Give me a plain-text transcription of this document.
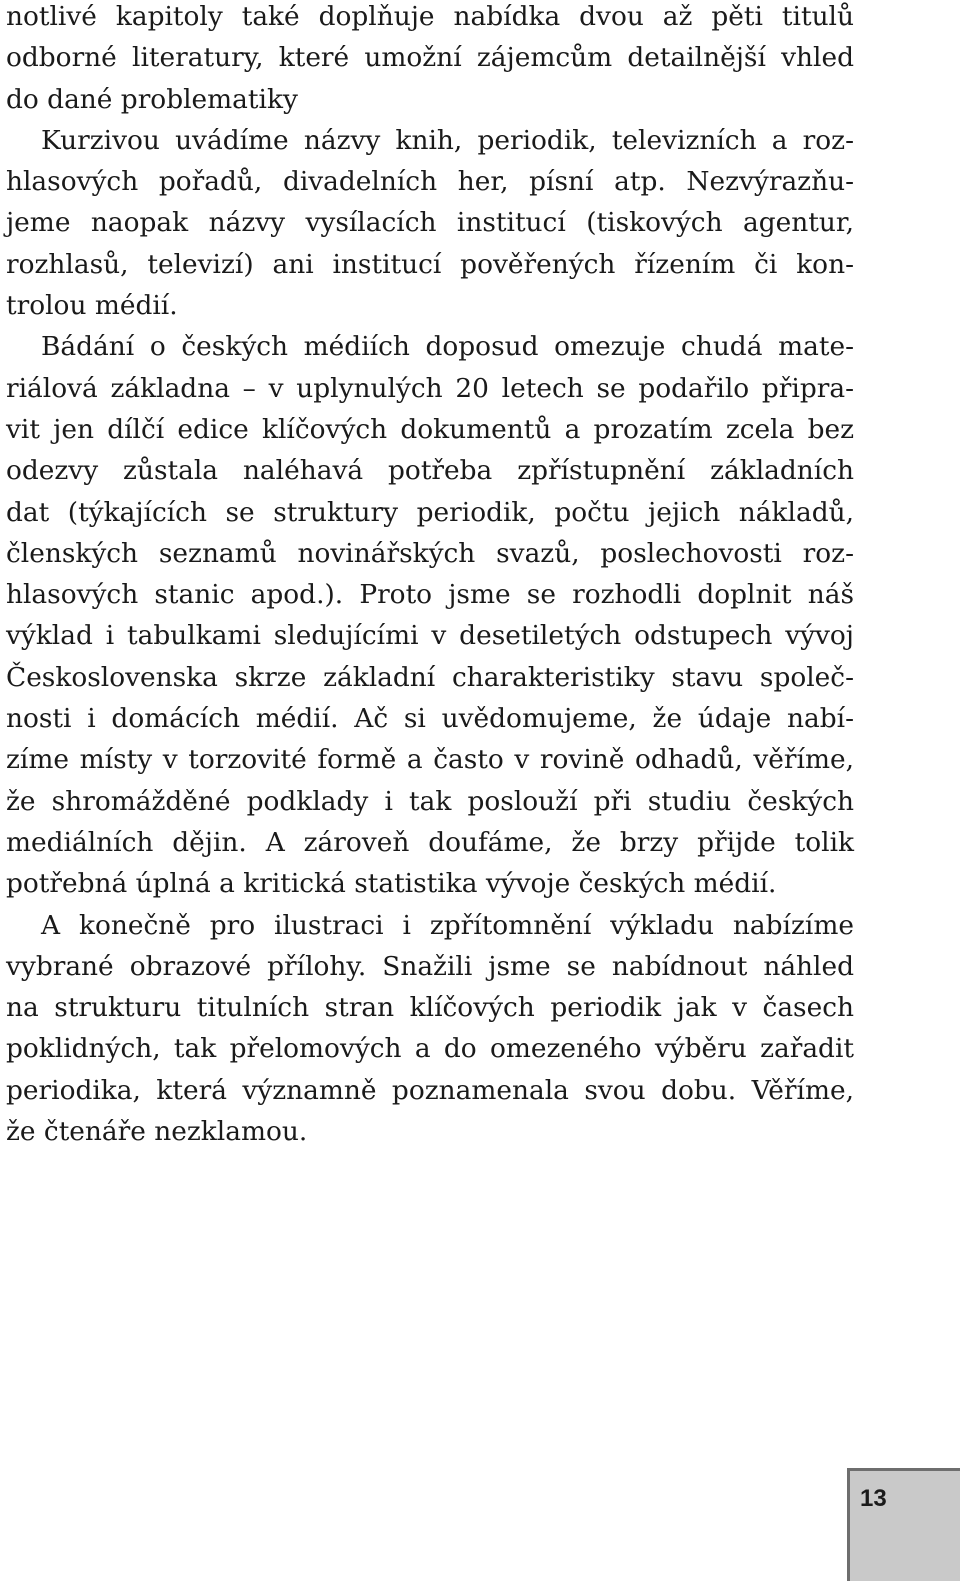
notlivé kapitoly také doplňuje nabídka dvou až pěti titulů
odborné literatury, které umožní zájemcům detailnější vhled
do dané problematiky
Kurzivou uvádíme názvy knih, periodik, televizních a roz-
hlasových pořadů, divadelních her, písní atp. Nezvýrazňu-
jeme naopak názvy vysílacích institucí (tiskových agentur,
rozhlasů, televizí) ani institucí pověřených řízením či kon-
trolou médií.
Bádání o českých médiích doposud omezuje chudá mate-
riálová základna – v uplynulých 20 letech se podařilo připra-
vit jen dílčí edice klíčových dokumentů a prozatím zcela bez
odezvy zůstala naléhavá potřeba zpřístupnění základních
dat (týkajících se struktury periodik, počtu jejich nákladů,
členských seznamů novinářských svazů, poslechovosti roz-
hlasových stanic apod.). Proto jsme se rozhodli doplnit náš
výklad i tabulkami sledujícími v desetiletých odstupech vývoj
Československa skrze základní charakteristiky stavu společ-
nosti i domácích médií. Ač si uvědomujeme, že údaje nabí-
zíme místy v torzovité formě a často v rovině odhadů, věříme,
že shromážděné podklady i tak poslouží při studiu českých
mediálních dějin. A zároveň doufáme, že brzy přijde tolik
potřebná úplná a kritická statistika vývoje českých médií.
A konečně pro ilustraci i zpřítomnění výkladu nabízíme
vybrané obrazové přílohy. Snažili jsme se nabídnout náhled
na strukturu titulních stran klíčových periodik jak v časech
poklidných, tak přelomových a do omezeného výběru zařadit
periodika, která významně poznamenala svou dobu. Věříme,
že čtenáře nezklamou.
13
